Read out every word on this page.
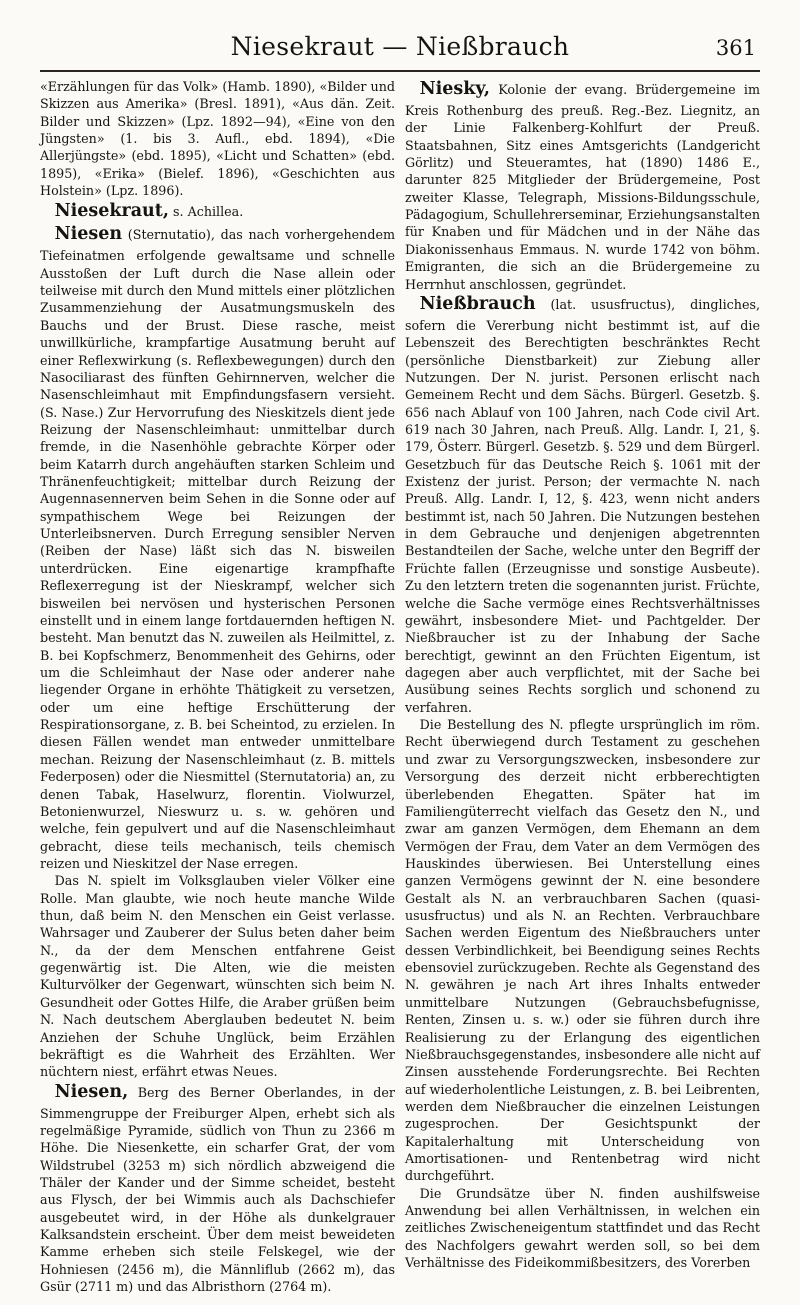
Niesekraut — Nießbrauch	361

«Erzählungen für das Volk» (Hamb. 1890), «Bilder und Skizzen aus Amerika» (Bresl. 1891), «Aus dän. Zeit. Bilder und Skizzen» (Lpz. 1892—94), «Eine von den Jüngsten» (1. bis 3. Aufl., ebd. 1894), «Die Allerjüngste» (ebd. 1895), «Licht und Schatten» (ebd. 1895), «Erika» (Bielef. 1896), «Geschichten aus Holstein» (Lpz. 1896).

Niesekraut, s. Achillea.

Niesen (Sternutatio), das nach vorhergehendem Tiefeinatmen erfolgende gewaltsame und schnelle Ausstoßen der Luft durch die Nase allein oder teilweise mit durch den Mund mittels einer plötzlichen Zusammenziehung der Ausatmungsmuskeln des Bauchs und der Brust. Diese rasche, meist unwillkürliche, krampfartige Ausatmung beruht auf einer Reflexwirkung (s. Reflexbewegungen) durch den Nasociliarast des fünften Gehirnnerven, welcher die Nasenschleimhaut mit Empfindungsfasern versieht. (S. Nase.) Zur Hervorrufung des Nieskitzels dient jede Reizung der Nasenschleimhaut: unmittelbar durch fremde, in die Nasenhöhle gebrachte Körper oder beim Katarrh durch angehäuften starken Schleim und Thränenfeuchtigkeit; mittelbar durch Reizung der Augennasennerven beim Sehen in die Sonne oder auf sympathischem Wege bei Reizungen der Unterleibsnerven. Durch Erregung sensibler Nerven (Reiben der Nase) läßt sich das N. bisweilen unterdrücken. Eine eigenartige krampfhafte Reflexerregung ist der Nieskrampf, welcher sich bisweilen bei nervösen und hysterischen Personen einstellt und in einem lange fortdauernden heftigen N. besteht. Man benutzt das N. zuweilen als Heilmittel, z. B. bei Kopfschmerz, Benommenheit des Gehirns, oder um die Schleimhaut der Nase oder anderer nahe liegender Organe in erhöhte Thätigkeit zu versetzen, oder um eine heftige Erschütterung der Respirationsorgane, z. B. bei Scheintod, zu erzielen. In diesen Fällen wendet man entweder unmittelbare mechan. Reizung der Nasenschleimhaut (z. B. mittels Federposen) oder die Niesmittel (Sternutatoria) an, zu denen Tabak, Haselwurz, florentin. Violwurzel, Betonienwurzel, Nieswurz u. s. w. gehören und welche, fein gepulvert und auf die Nasenschleimhaut gebracht, diese teils mechanisch, teils chemisch reizen und Nieskitzel der Nase erregen.

Das N. spielt im Volksglauben vieler Völker eine Rolle. Man glaubte, wie noch heute manche Wilde thun, daß beim N. den Menschen ein Geist verlasse. Wahrsager und Zauberer der Sulus beten daher beim N., da der dem Menschen entfahrene Geist gegenwärtig ist. Die Alten, wie die meisten Kulturvölker der Gegenwart, wünschten sich beim N. Gesundheit oder Gottes Hilfe, die Araber grüßen beim N. Nach deutschem Aberglauben bedeutet N. beim Anziehen der Schuhe Unglück, beim Erzählen bekräftigt es die Wahrheit des Erzählten. Wer nüchtern niest, erfährt etwas Neues.

Niesen, Berg des Berner Oberlandes, in der Simmengruppe der Freiburger Alpen, erhebt sich als regelmäßige Pyramide, südlich von Thun zu 2366 m Höhe. Die Niesenkette, ein scharfer Grat, der vom Wildstrubel (3253 m) sich nördlich abzweigend die Thäler der Kander und der Simme scheidet, besteht aus Flysch, der bei Wimmis auch als Dachschiefer ausgebeutet wird, in der Höhe als dunkelgrauer Kalksandstein erscheint. Über dem meist beweideten Kamme erheben sich steile Felskegel, wie der Hohniesen (2456 m), die Männliflub (2662 m), das Gsür (2711 m) und das Albristhorn (2764 m).

Niesky, Kolonie der evang. Brüdergemeine im Kreis Rothenburg des preuß. Reg.-Bez. Liegnitz, an der Linie Falkenberg-Kohlfurt der Preuß. Staatsbahnen, Sitz eines Amtsgerichts (Landgericht Görlitz) und Steueramtes, hat (1890) 1486 E., darunter 825 Mitglieder der Brüdergemeine, Post zweiter Klasse, Telegraph, Missions-Bildungsschule, Pädagogium, Schullehrerseminar, Erziehungsanstalten für Knaben und für Mädchen und in der Nähe das Diakonissenhaus Emmaus. N. wurde 1742 von böhm. Emigranten, die sich an die Brüdergemeine zu Herrnhut anschlossen, gegründet.

Nießbrauch (lat. ususfructus), dingliches, sofern die Vererbung nicht bestimmt ist, auf die Lebenszeit des Berechtigten beschränktes Recht (persönliche Dienstbarkeit) zur Ziebung aller Nutzungen. Der N. jurist. Personen erlischt nach Gemeinem Recht und dem Sächs. Bürgerl. Gesetzb. §. 656 nach Ablauf von 100 Jahren, nach Code civil Art. 619 nach 30 Jahren, nach Preuß. Allg. Landr. I, 21, §. 179, Österr. Bürgerl. Gesetzb. §. 529 und dem Bürgerl. Gesetzbuch für das Deutsche Reich §. 1061 mit der Existenz der jurist. Person; der vermachte N. nach Preuß. Allg. Landr. I, 12, §. 423, wenn nicht anders bestimmt ist, nach 50 Jahren. Die Nutzungen bestehen in dem Gebrauche und denjenigen abgetrennten Bestandteilen der Sache, welche unter den Begriff der Früchte fallen (Erzeugnisse und sonstige Ausbeute). Zu den letztern treten die sogenannten jurist. Früchte, welche die Sache vermöge eines Rechtsverhältnisses gewährt, insbesondere Miet- und Pachtgelder. Der Nießbraucher ist zu der Inhabung der Sache berechtigt, gewinnt an den Früchten Eigentum, ist dagegen aber auch verpflichtet, mit der Sache bei Ausübung seines Rechts sorglich und schonend zu verfahren.

Die Bestellung des N. pflegte ursprünglich im röm. Recht überwiegend durch Testament zu geschehen und zwar zu Versorgungszwecken, insbesondere zur Versorgung des derzeit nicht erbberechtigten überlebenden Ehegatten. Später hat im Familiengüterrecht vielfach das Gesetz den N., und zwar am ganzen Vermögen, dem Ehemann an dem Vermögen der Frau, dem Vater an dem Vermögen des Hauskindes überwiesen. Bei Unterstellung eines ganzen Vermögens gewinnt der N. eine besondere Gestalt als N. an verbrauchbaren Sachen (quasi-ususfructus) und als N. an Rechten. Verbrauchbare Sachen werden Eigentum des Nießbrauchers unter dessen Verbindlichkeit, bei Beendigung seines Rechts ebensoviel zurückzugeben. Rechte als Gegenstand des N. gewähren je nach Art ihres Inhalts entweder unmittelbare Nutzungen (Gebrauchsbefugnisse, Renten, Zinsen u. s. w.) oder sie führen durch ihre Realisierung zu der Erlangung des eigentlichen Nießbrauchsgegenstandes, insbesondere alle nicht auf Zinsen ausstehende Forderungsrechte. Bei Rechten auf wiederholentliche Leistungen, z. B. bei Leibrenten, werden dem Nießbraucher die einzelnen Leistungen zugesprochen. Der Gesichtspunkt der Kapitalerhaltung mit Unterscheidung von Amortisationen- und Rentenbetrag wird nicht durchgeführt.

Die Grundsätze über N. finden aushilfsweise Anwendung bei allen Verhältnissen, in welchen ein zeitliches Zwischeneigentum stattfindet und das Recht des Nachfolgers gewahrt werden soll, so bei dem Verhältnisse des Fideikommißbesitzers, des Vorerben
